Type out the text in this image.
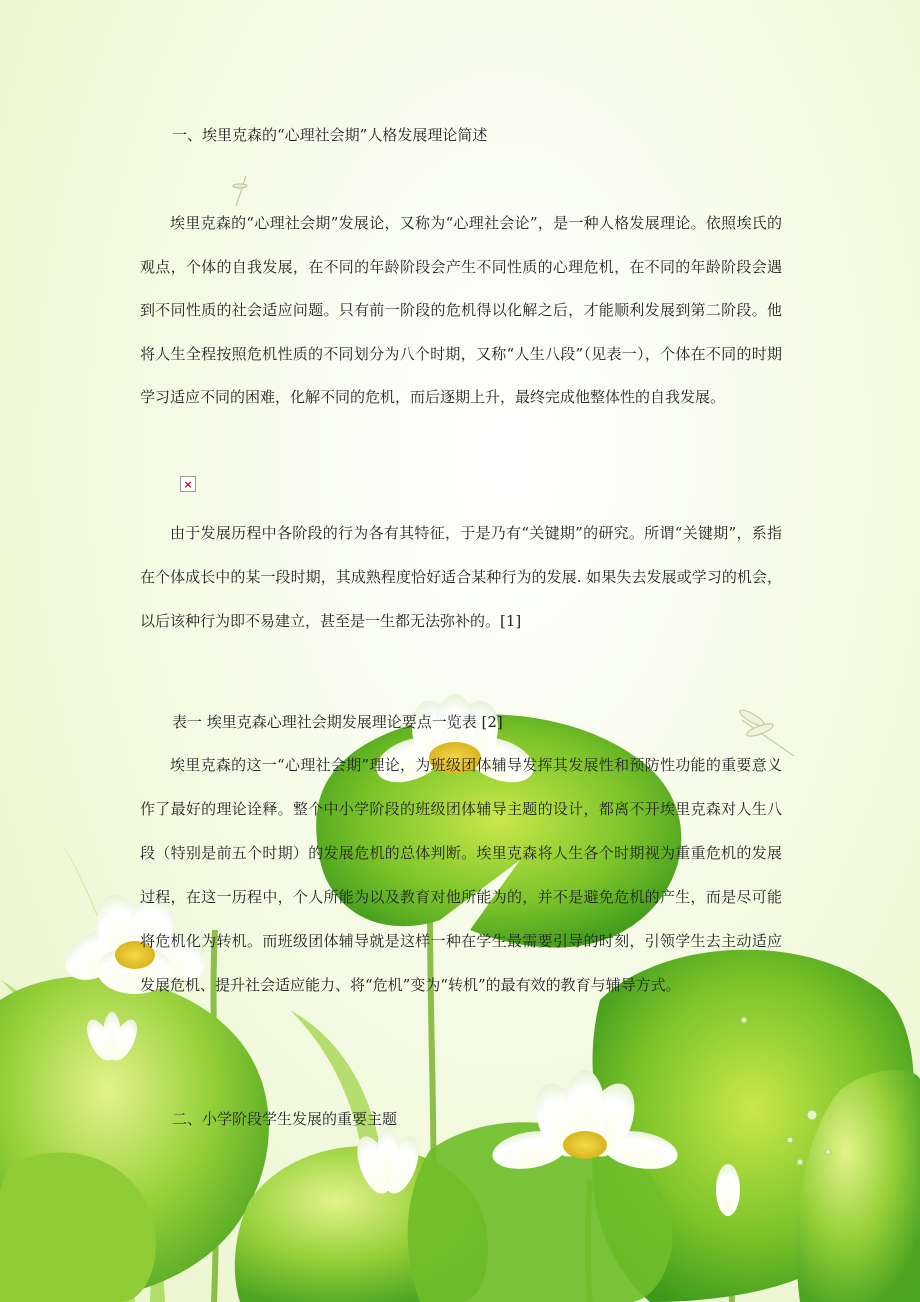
一、埃里克森的“心理社会期”人格发展理论简述

埃里克森的“心理社会期”发展论，又称为“心理社会论”，是一种人格发展理论。依照埃氏的观点，个体的自我发展，在不同的年龄阶段会产生不同性质的心理危机，在不同的年龄阶段会遇到不同性质的社会适应问题。只有前一阶段的危机得以化解之后，才能顺利发展到第二阶段。他将人生全程按照危机性质的不同划分为八个时期，又称“人生八段”（见表一），个体在不同的时期学习适应不同的困难，化解不同的危机，而后逐期上升，最终完成他整体性的自我发展。

×

由于发展历程中各阶段的行为各有其特征，于是乃有“关键期”的研究。所谓“关键期”，系指在个体成长中的某一段时期，其成熟程度恰好适合某种行为的发展. 如果失去发展或学习的机会，以后该种行为即不易建立，甚至是一生都无法弥补的。[1]

表一 埃里克森心理社会期发展理论要点一览表 [2]

埃里克森的这一“心理社会期”理论，为班级团体辅导发挥其发展性和预防性功能的重要意义作了最好的理论诠释。整个中小学阶段的班级团体辅导主题的设计，都离不开埃里克森对人生八段（特别是前五个时期）的发展危机的总体判断。埃里克森将人生各个时期视为重重危机的发展过程，在这一历程中，个人所能为以及教育对他所能为的，并不是避免危机的产生，而是尽可能将危机化为转机。而班级团体辅导就是这样一种在学生最需要引导的时刻，引领学生去主动适应发展危机、提升社会适应能力、将“危机”变为“转机”的最有效的教育与辅导方式。

二、小学阶段学生发展的重要主题
